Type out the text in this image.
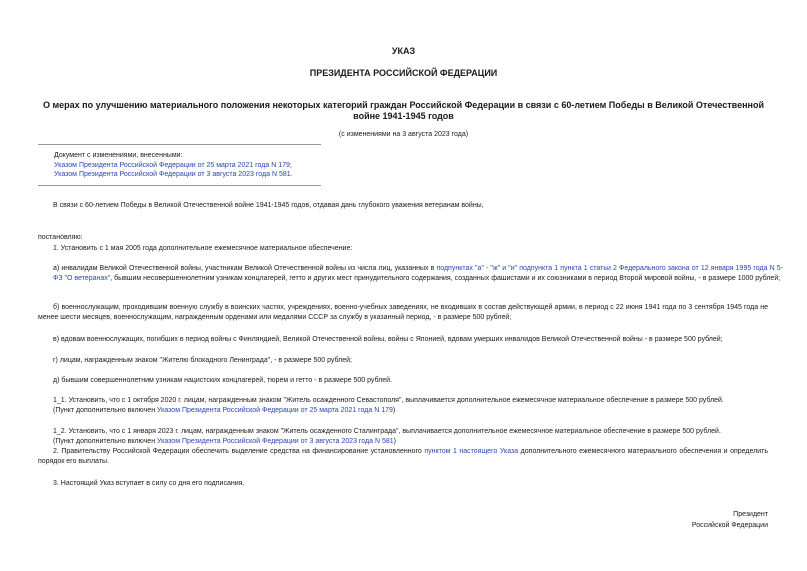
УКАЗ
ПРЕЗИДЕНТА РОССИЙСКОЙ ФЕДЕРАЦИИ
О мерах по улучшению материального положения некоторых категорий граждан Российской Федерации в связи с 60-летием Победы в Великой Отечественной
войне 1941-1945 годов
(с изменениями на 3 августа 2023 года)
Документ с изменениями, внесенными:
Указом Президента Российской Федерации от 25 марта 2021 года N 179;
Указом Президента Российской Федерации от 3 августа 2023 года N 581.
В связи с 60-летием Победы в Великой Отечественной войне 1941-1945 годов, отдавая дань глубокого уважения ветеранам войны,
постановляю:
1. Установить с 1 мая 2005 года дополнительное ежемесячное материальное обеспечение:
а) инвалидам Великой Отечественной войны, участникам Великой Отечественной войны из числа лиц, указанных в подпунктах "а" - "ж" и "и" подпункта 1 пункта 1 статьи 2 Федерального закона от 12 января 1995 года N 5-ФЗ "О ветеранах", бывшим несовершеннолетним узникам концлагерей, гетто и других мест принудительного содержания, созданных фашистами и их союзниками в период Второй мировой войны, - в размере 1000 рублей;
б) военнослужащим, проходившим военную службу в воинских частях, учреждениях, военно-учебных заведениях, не входивших в состав действующей армии, в период с 22 июня 1941 года по 3 сентября 1945 года не менее шести месяцев, военнослужащим, награжденным орденами или медалями СССР за службу в указанный период, - в размере 500 рублей;
в) вдовам военнослужащих, погибших в период войны с Финляндией, Великой Отечественной войны, войны с Японией, вдовам умерших инвалидов Великой Отечественной войны - в размере 500 рублей;
г) лицам, награжденным знаком "Жителю блокадного Ленинграда", - в размере 500 рублей;
д) бывшим совершеннолетним узникам нацистских концлагерей, тюрем и гетто - в размере 500 рублей.
1_1. Установить, что с 1 октября 2020 г. лицам, награжденным знаком "Житель осажденного Севастополя", выплачивается дополнительное ежемесячное материальное обеспечение в размере 500 рублей.
(Пункт дополнительно включен Указом Президента Российской Федерации от 25 марта 2021 года N 179)
1_2. Установить, что с 1 января 2023 г. лицам, награжденным знаком "Житель осажденного Сталинграда", выплачивается дополнительное ежемесячное материальное обеспечение в размере 500 рублей.
(Пункт дополнительно включен Указом Президента Российской Федерации от 3 августа 2023 года N 581)
2. Правительству Российской Федерации обеспечить выделение средства на финансирование установленного пунктом 1 настоящего Указа дополнительного ежемесячного материального обеспечения и определить порядок его выплаты.
3. Настоящий Указ вступает в силу со дня его подписания.
Президент
Российской Федерации
